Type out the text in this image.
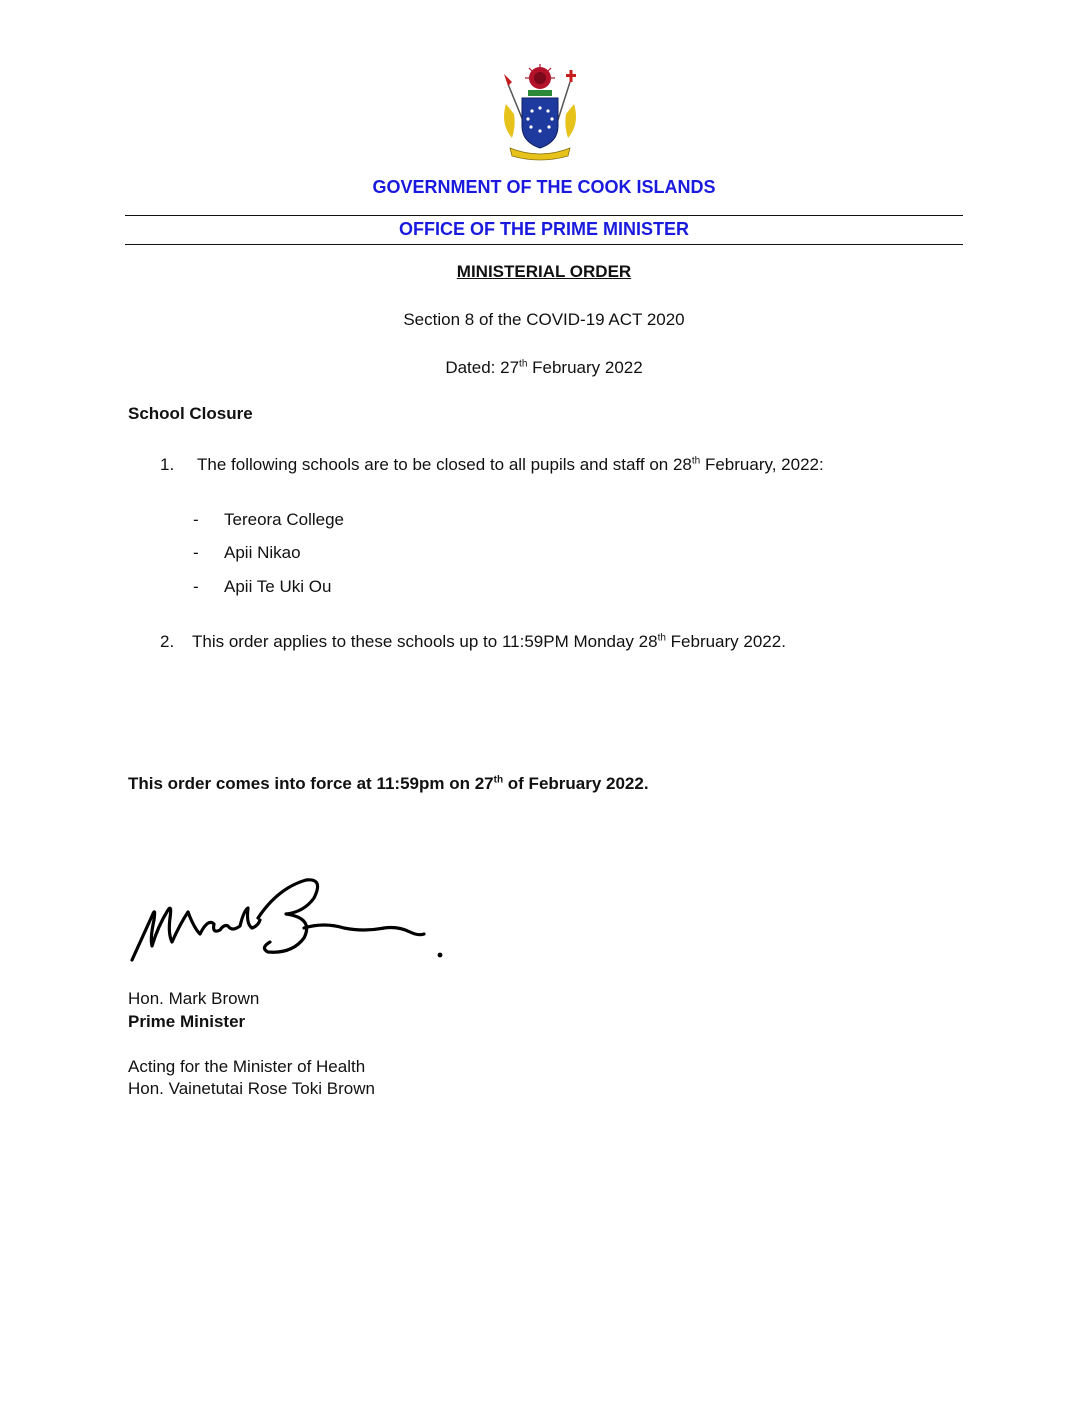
GOVERNMENT OF THE COOK ISLANDS
OFFICE OF THE PRIME MINISTER
MINISTERIAL ORDER
Section 8 of the COVID-19 ACT 2020
Dated: 27th February 2022
School Closure
1. The following schools are to be closed to all pupils and staff on 28th February, 2022:
- Tereora College
- Apii Nikao
- Apii Te Uki Ou
2. This order applies to these schools up to 11:59PM Monday 28th February 2022.
This order comes into force at 11:59pm on 27th of February 2022.
Hon. Mark Brown
Prime Minister
Acting for the Minister of Health
Hon. Vainetutai Rose Toki Brown
